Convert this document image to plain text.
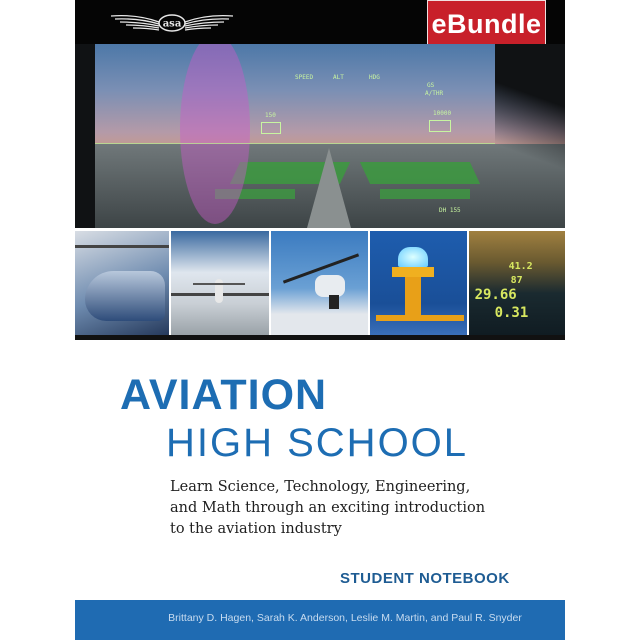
asa	eBundle
SPEED	ALT	HDG
GS
A/THR
150	10000
DH 155
41.2
87
29.66
0.31
AVIATION
HIGH SCHOOL
Learn Science, Technology, Engineering,
and Math through an exciting introduction
to the aviation industry
STUDENT NOTEBOOK
Brittany D. Hagen, Sarah K. Anderson, Leslie M. Martin, and Paul R. Snyder
